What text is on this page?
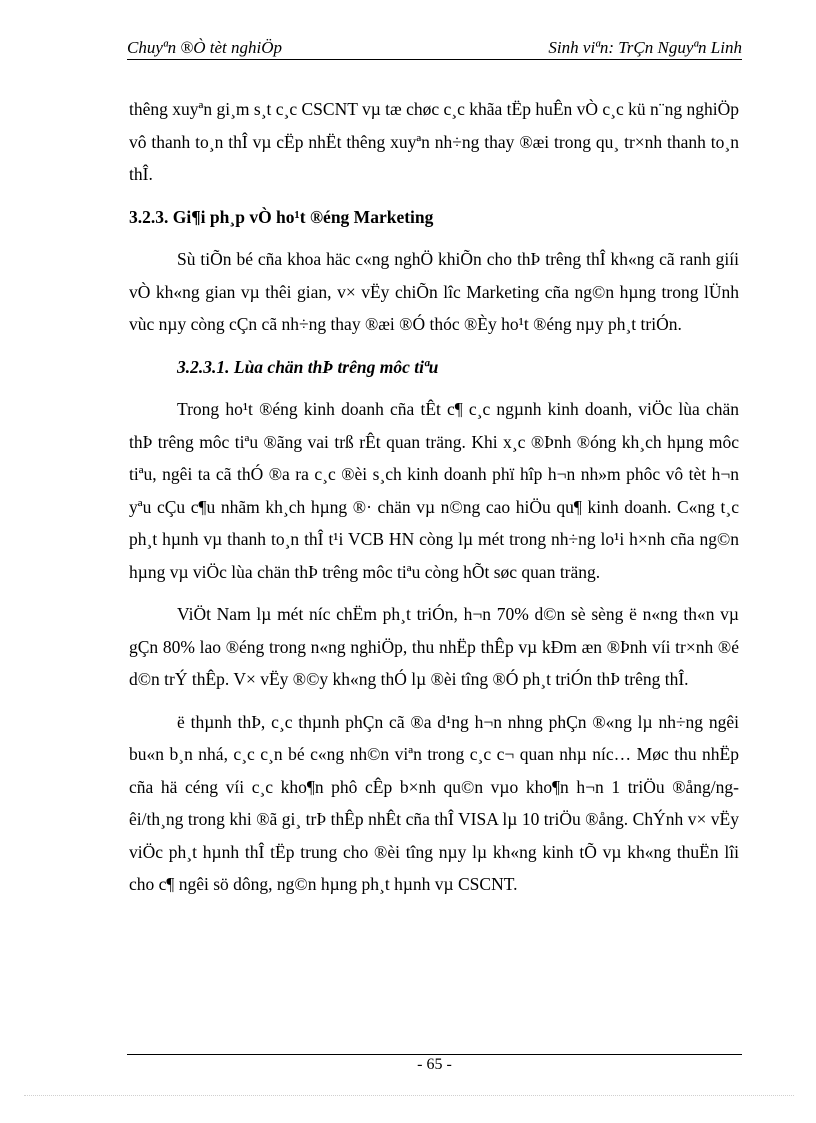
Chuyªn ®Ò tèt nghiÖp	Sinh viªn: TrÇn Nguyªn Linh

thêng xuyªn gi¸m s¸t c¸c CSCNT vµ tæ chøc c¸c khãa tËp huÊn vÒ c¸c kü n¨ng nghiÖp vô thanh to¸n thÎ vµ cËp nhËt thêng xuyªn nh÷ng thay ®æi trong qu¸ tr×nh thanh to¸n thÎ.

3.2.3. Gi¶i ph¸p vÒ ho¹t ®éng Marketing

Sù tiÕn bé cña khoa häc c«ng nghÖ khiÕn cho thÞ trêng thÎ kh«ng cã ranh giíi vÒ kh«ng gian vµ thêi gian, v× vËy chiÕn lîc Marketing cña ng©n hµng trong lÜnh vùc nµy còng cÇn cã nh÷ng thay ®æi ®Ó thóc ®Èy ho¹t ®éng nµy ph¸t triÓn.

3.2.3.1. Lùa chän thÞ trêng môc tiªu

Trong ho¹t ®éng kinh doanh cña tÊt c¶ c¸c ngµnh kinh doanh, viÖc lùa chän thÞ trêng môc tiªu ®ãng vai trß rÊt quan träng. Khi x¸c ®Þnh ®óng kh¸ch hµng môc tiªu, ngêi ta cã thÓ ®a ra c¸c ®èi s¸ch kinh doanh phï hîp h¬n nh»m phôc vô tèt h¬n yªu cÇu c¶u nhãm kh¸ch hµng ®· chän vµ n©ng cao hiÖu qu¶ kinh doanh. C«ng t¸c ph¸t hµnh vµ thanh to¸n thÎ t¹i VCB HN còng lµ mét trong nh÷ng lo¹i h×nh cña ng©n hµng vµ viÖc lùa chän thÞ trêng môc tiªu còng hÕt søc quan träng.

ViÖt Nam lµ mét níc chËm ph¸t triÓn, h¬n 70% d©n sè sèng ë n«ng th«n vµ gÇn 80% lao ®éng trong n«ng nghiÖp, thu nhËp thÊp vµ kÐm æn ®Þnh víi tr×nh ®é d©n trÝ thÊp. V× vËy ®©y kh«ng thÓ lµ ®èi tîng ®Ó ph¸t triÓn thÞ trêng thÎ.

ë thµnh thÞ, c¸c thµnh phÇn cã ®a d¹ng h¬n nhng phÇn ®«ng lµ nh÷ng ngêi bu«n b¸n nhá, c¸c c¸n bé c«ng nh©n viªn trong c¸c c¬ quan nhµ níc… Møc thu nhËp cña hä céng víi c¸c kho¶n phô cÊp b×nh qu©n vµo kho¶n h¬n 1 triÖu ®ång/ngêi/th¸ng trong khi ®ã gi¸ trÞ thÊp nhÊt cña thÎ VISA lµ 10 triÖu ®ång. ChÝnh v× vËy viÖc ph¸t hµnh thÎ tËp trung cho ®èi tîng nµy lµ kh«ng kinh tÕ vµ kh«ng thuËn lîi cho c¶ ngêi sö dông, ng©n hµng ph¸t hµnh vµ CSCNT.

- 65 -
